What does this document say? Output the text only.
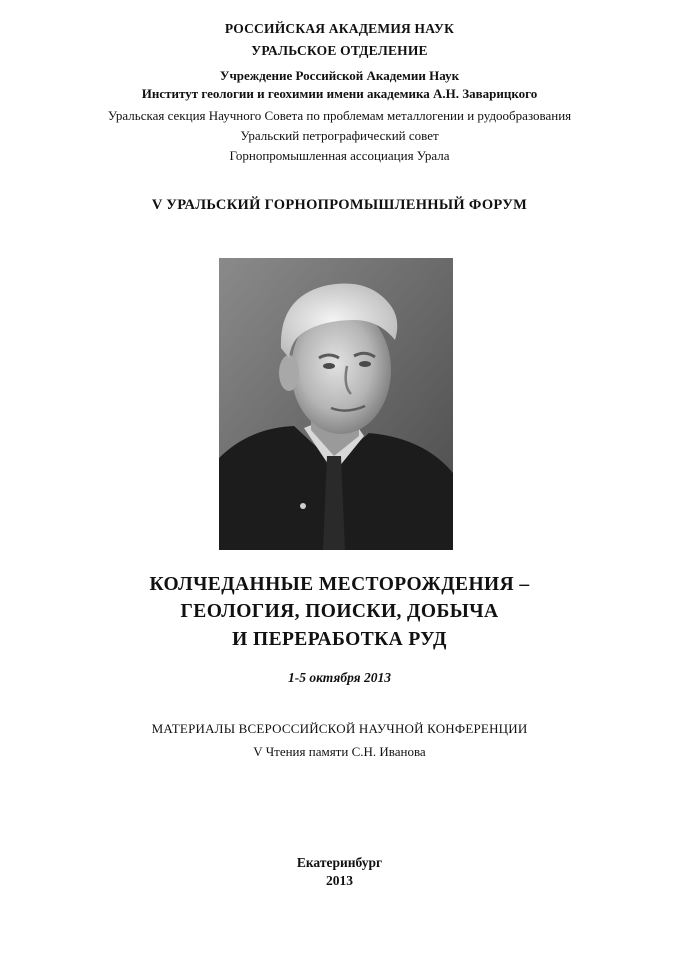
РОССИЙСКАЯ АКАДЕМИЯ НАУК
УРАЛЬСКОЕ ОТДЕЛЕНИЕ
Учреждение Российской Академии Наук
Институт геологии и геохимии имени академика А.Н. Заварицкого
Уральская секция Научного Совета по проблемам металлогении и рудообразования
Уральский петрографический совет
Горнопромышленная ассоциация Урала
V УРАЛЬСКИЙ ГОРНОПРОМЫШЛЕННЫЙ ФОРУМ
КОЛЧЕДАННЫЕ МЕСТОРОЖДЕНИЯ –
ГЕОЛОГИЯ, ПОИСКИ, ДОБЫЧА
И ПЕРЕРАБОТКА РУД
1-5 октября 2013
МАТЕРИАЛЫ ВСЕРОССИЙСКОЙ НАУЧНОЙ КОНФЕРЕНЦИИ
V Чтения памяти С.Н. Иванова
Екатеринбург
2013
